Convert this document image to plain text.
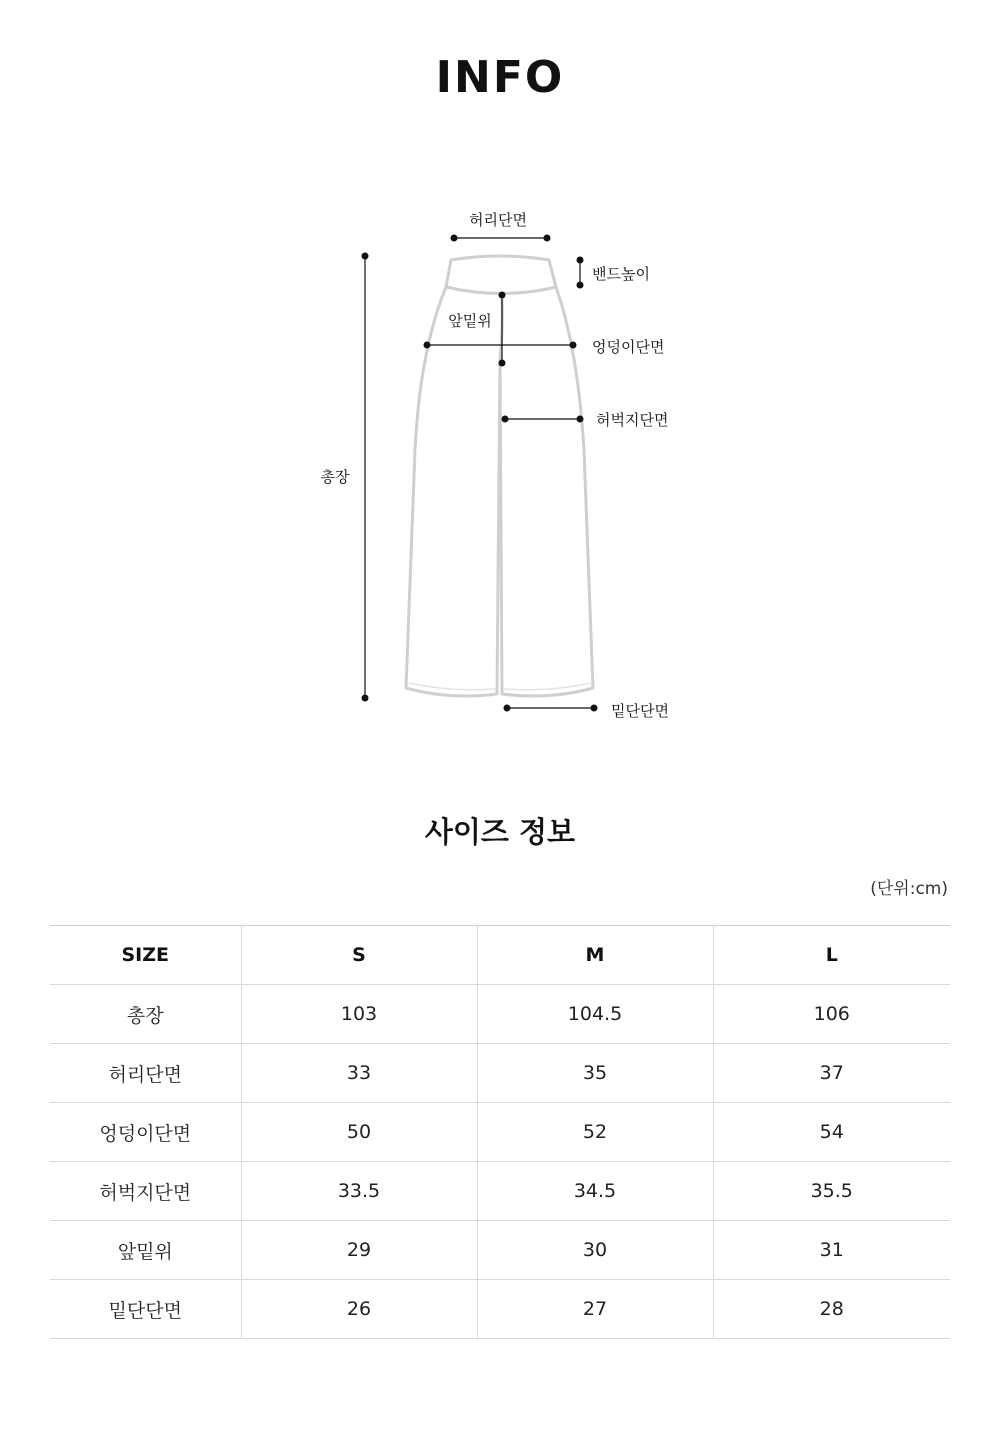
INFO
허리단면
밴드높이
앞밑위
엉덩이단면
허벅지단면
총장
밑단단면
사이즈 정보
(단위:cm)
SIZE	S	M	L
총장	103	104.5	106
허리단면	33	35	37
엉덩이단면	50	52	54
허벅지단면	33.5	34.5	35.5
앞밑위	29	30	31
밑단단면	26	27	28
